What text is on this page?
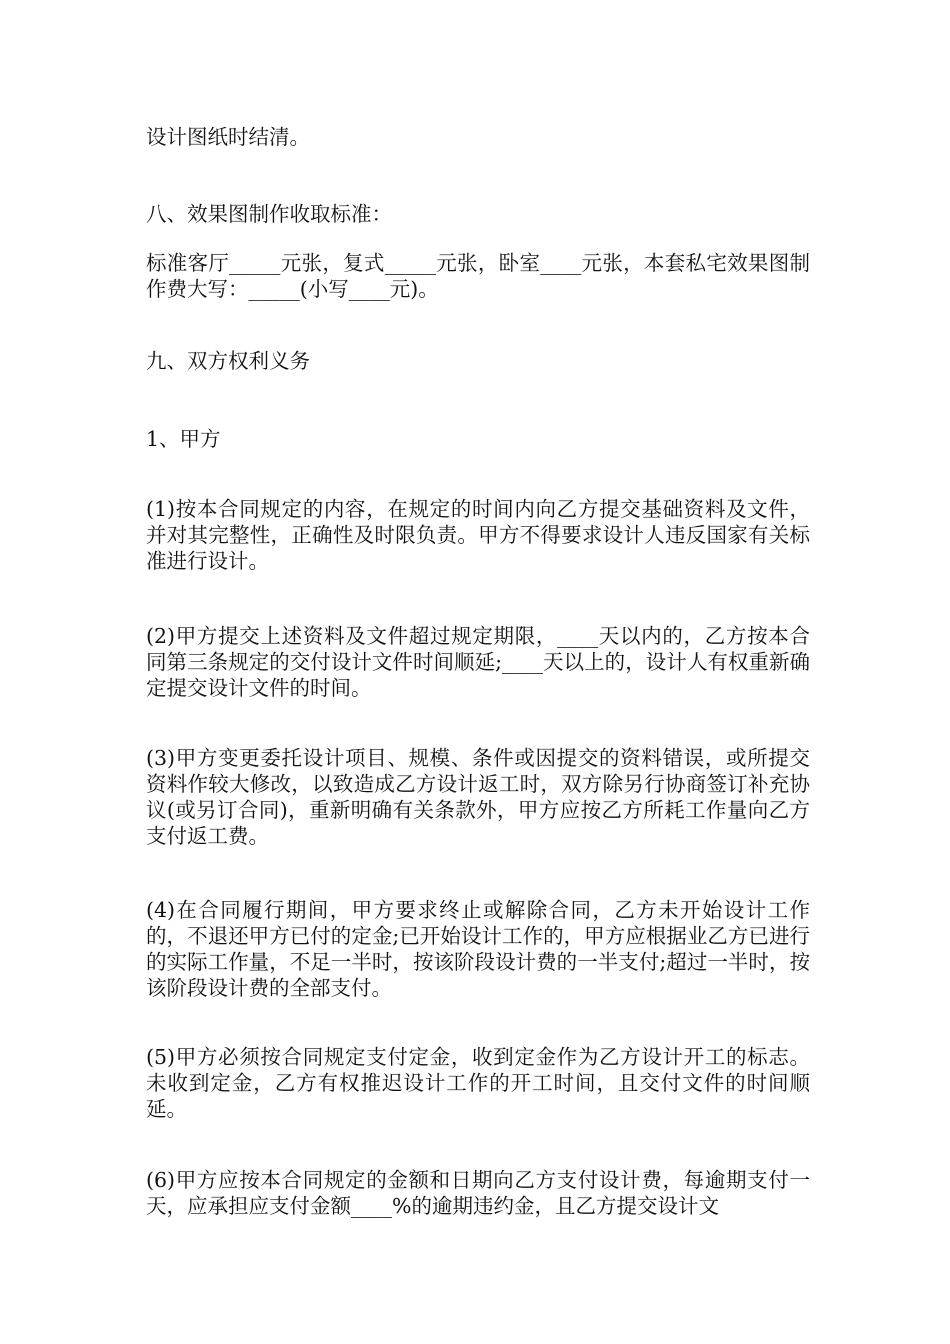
设计图纸时结清。

八、效果图制作收取标准：

标准客厅_____元张，复式_____元张，卧室____元张，本套私宅效果图制作费大写：_____(小写____元)。

九、双方权利义务

1、甲方

(1)按本合同规定的内容，在规定的时间内向乙方提交基础资料及文件，并对其完整性，正确性及时限负责。甲方不得要求设计人违反国家有关标准进行设计。

(2)甲方提交上述资料及文件超过规定期限，____天以内的，乙方按本合同第三条规定的交付设计文件时间顺延;____天以上的，设计人有权重新确定提交设计文件的时间。

(3)甲方变更委托设计项目、规模、条件或因提交的资料错误，或所提交资料作较大修改，以致造成乙方设计返工时，双方除另行协商签订补充协议(或另订合同)，重新明确有关条款外，甲方应按乙方所耗工作量向乙方支付返工费。

(4)在合同履行期间，甲方要求终止或解除合同，乙方未开始设计工作的，不退还甲方已付的定金;已开始设计工作的，甲方应根据业乙方已进行的实际工作量，不足一半时，按该阶段设计费的一半支付;超过一半时，按该阶段设计费的全部支付。

(5)甲方必须按合同规定支付定金，收到定金作为乙方设计开工的标志。未收到定金，乙方有权推迟设计工作的开工时间，且交付文件的时间顺延。

(6)甲方应按本合同规定的金额和日期向乙方支付设计费，每逾期支付一天，应承担应支付金额____%的逾期违约金，且乙方提交设计文
